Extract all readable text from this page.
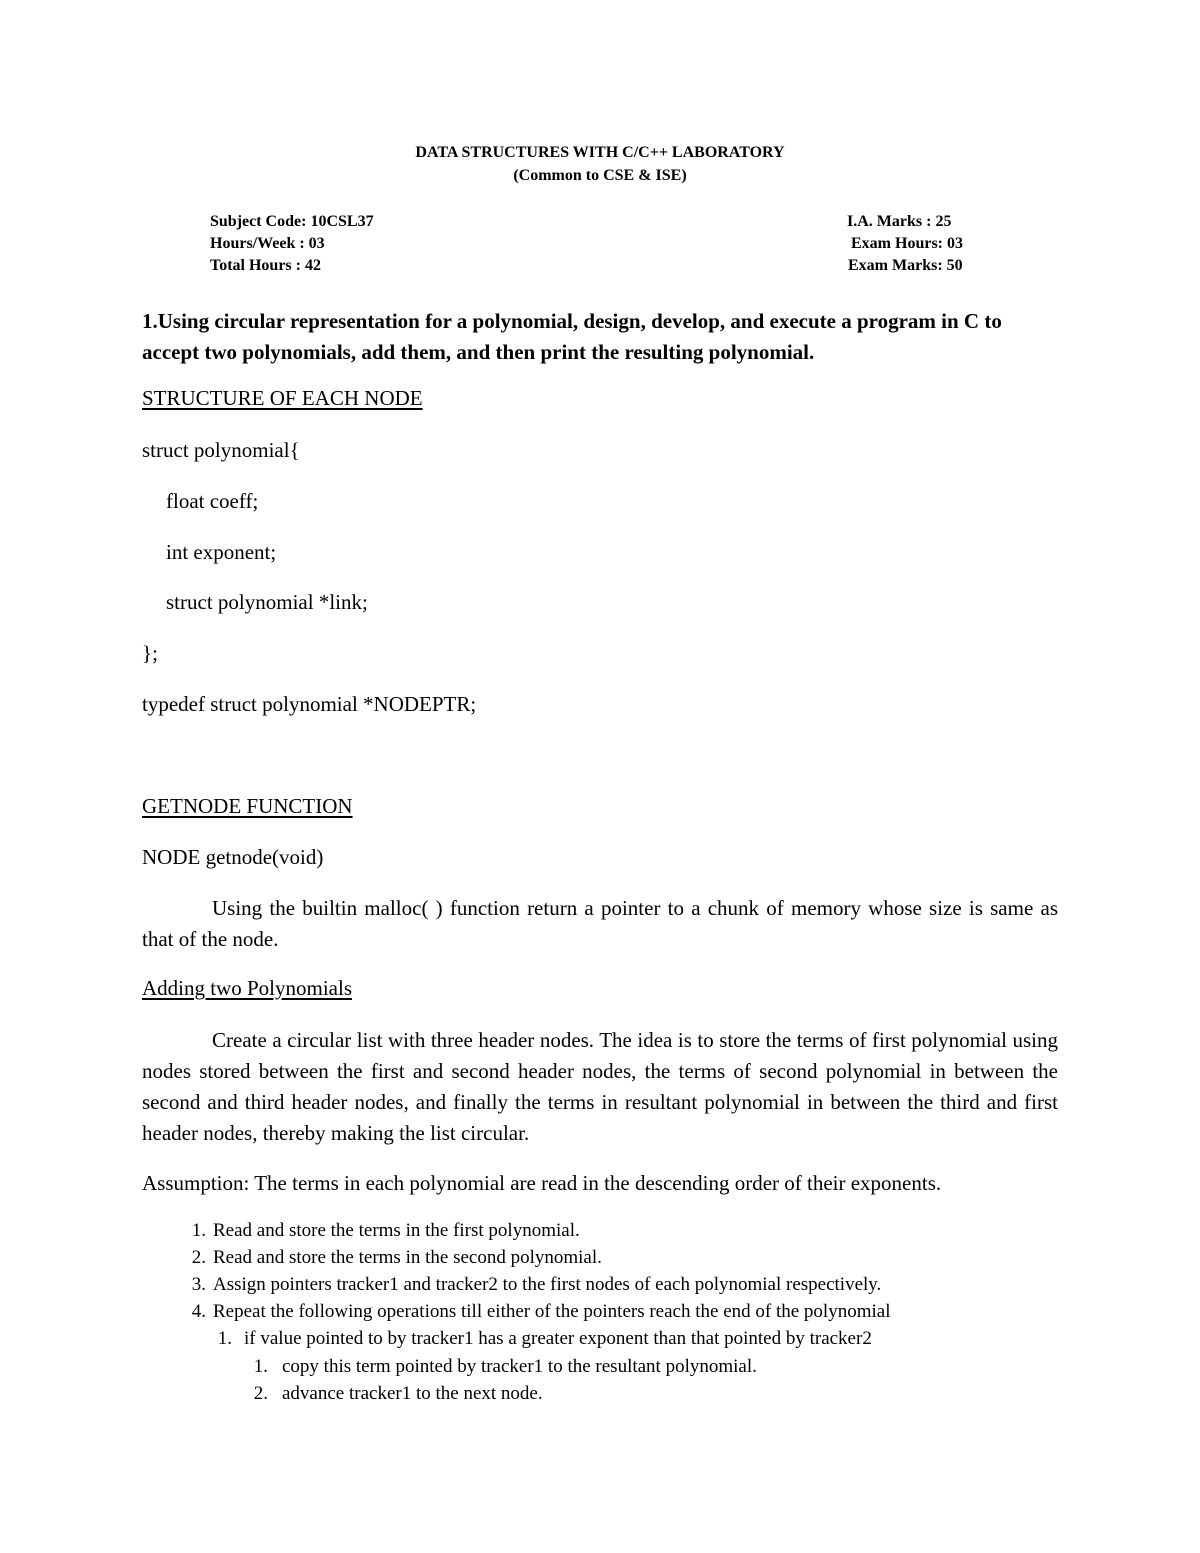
DATA STRUCTURES WITH C/C++ LABORATORY
(Common to CSE & ISE)
Subject Code: 10CSL37
Hours/Week : 03
Total Hours : 42
I.A. Marks : 25
Exam Hours: 03
Exam Marks: 50
1.Using circular representation for a polynomial, design, develop, and execute a program in C to accept two polynomials, add them, and then print the resulting polynomial.
STRUCTURE OF EACH NODE
struct polynomial{
float coeff;
int exponent;
struct polynomial *link;
};
typedef struct polynomial *NODEPTR;
GETNODE FUNCTION
NODE getnode(void)
Using the builtin malloc( ) function return a pointer to a chunk of memory whose size is same as that of the node.
Adding two Polynomials
Create a circular list with three header nodes. The idea is to store the terms of first polynomial using nodes stored between the first and second header nodes, the terms of second polynomial in between the second and third header nodes, and finally the terms in resultant polynomial in between the third and first header nodes, thereby making the list circular.
Assumption: The terms in each polynomial are read in the descending order of their exponents.
1. Read and store the terms in the first polynomial.
2. Read and store the terms in the second polynomial.
3. Assign pointers tracker1 and tracker2 to the first nodes of each polynomial respectively.
4. Repeat the following operations till either of the pointers reach the end of the polynomial
1. if value pointed to by tracker1 has a greater exponent than that pointed by tracker2
1. copy this term pointed by tracker1 to the resultant polynomial.
2. advance tracker1 to the next node.
